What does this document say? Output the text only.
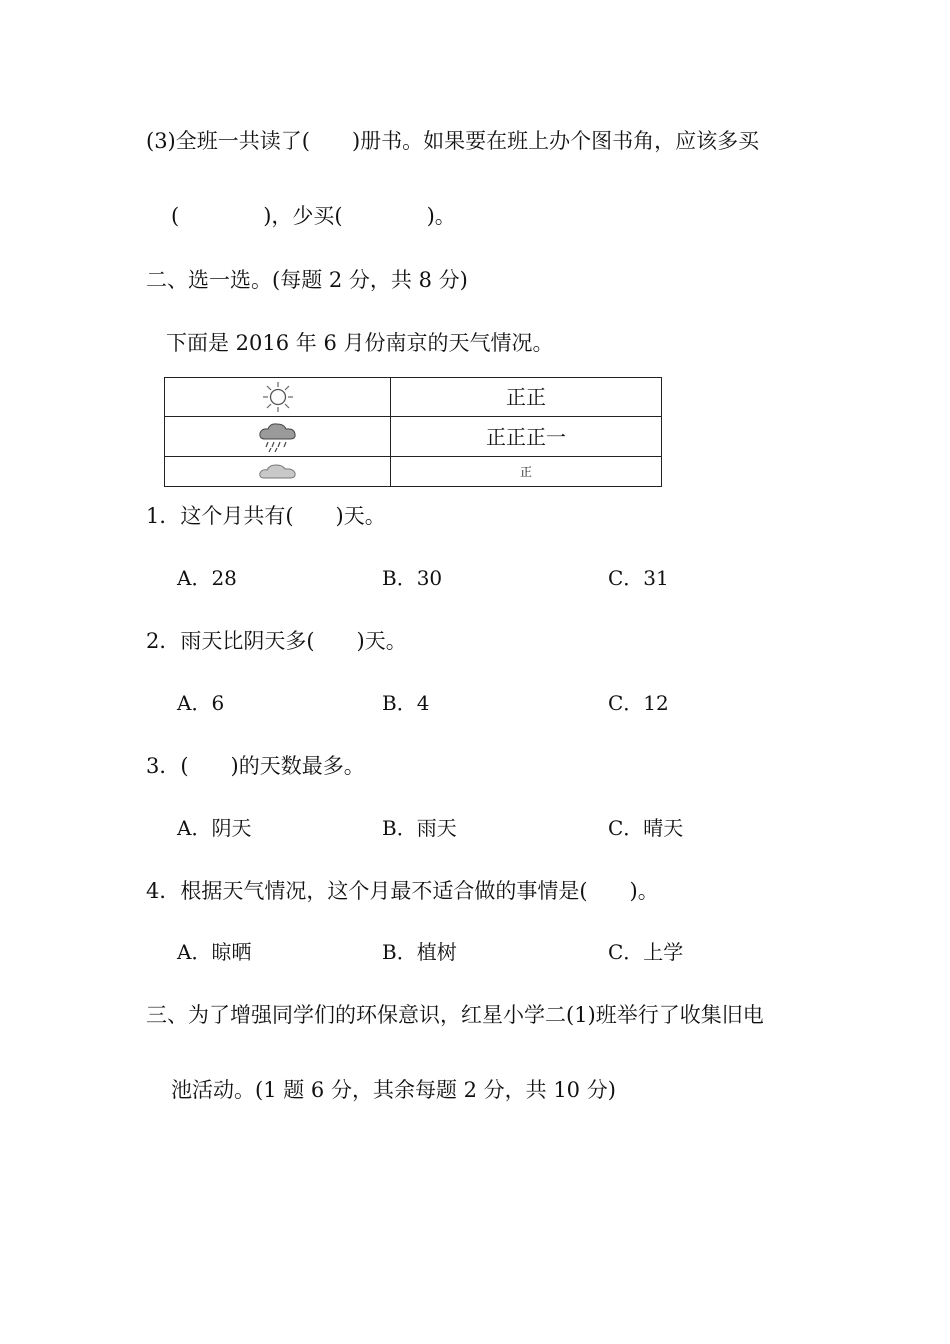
(3)全班一共读了(　　)册书。如果要在班上办个图书角，应该多买
(　　　　)，少买(　　　　)。
二、选一选。(每题 2 分，共 8 分)
下面是 2016 年 6 月份南京的天气情况。
	正正
	正正正一
	正
1．这个月共有(　　)天。
A．28	B．30	C．31
2．雨天比阴天多(　　)天。
A．6	B．4	C．12
3．(　　)的天数最多。
A．阴天	B．雨天	C．晴天
4．根据天气情况，这个月最不适合做的事情是(　　)。
A．晾晒	B．植树	C．上学
三、为了增强同学们的环保意识，红星小学二(1)班举行了收集旧电
池活动。(1 题 6 分，其余每题 2 分，共 10 分)
